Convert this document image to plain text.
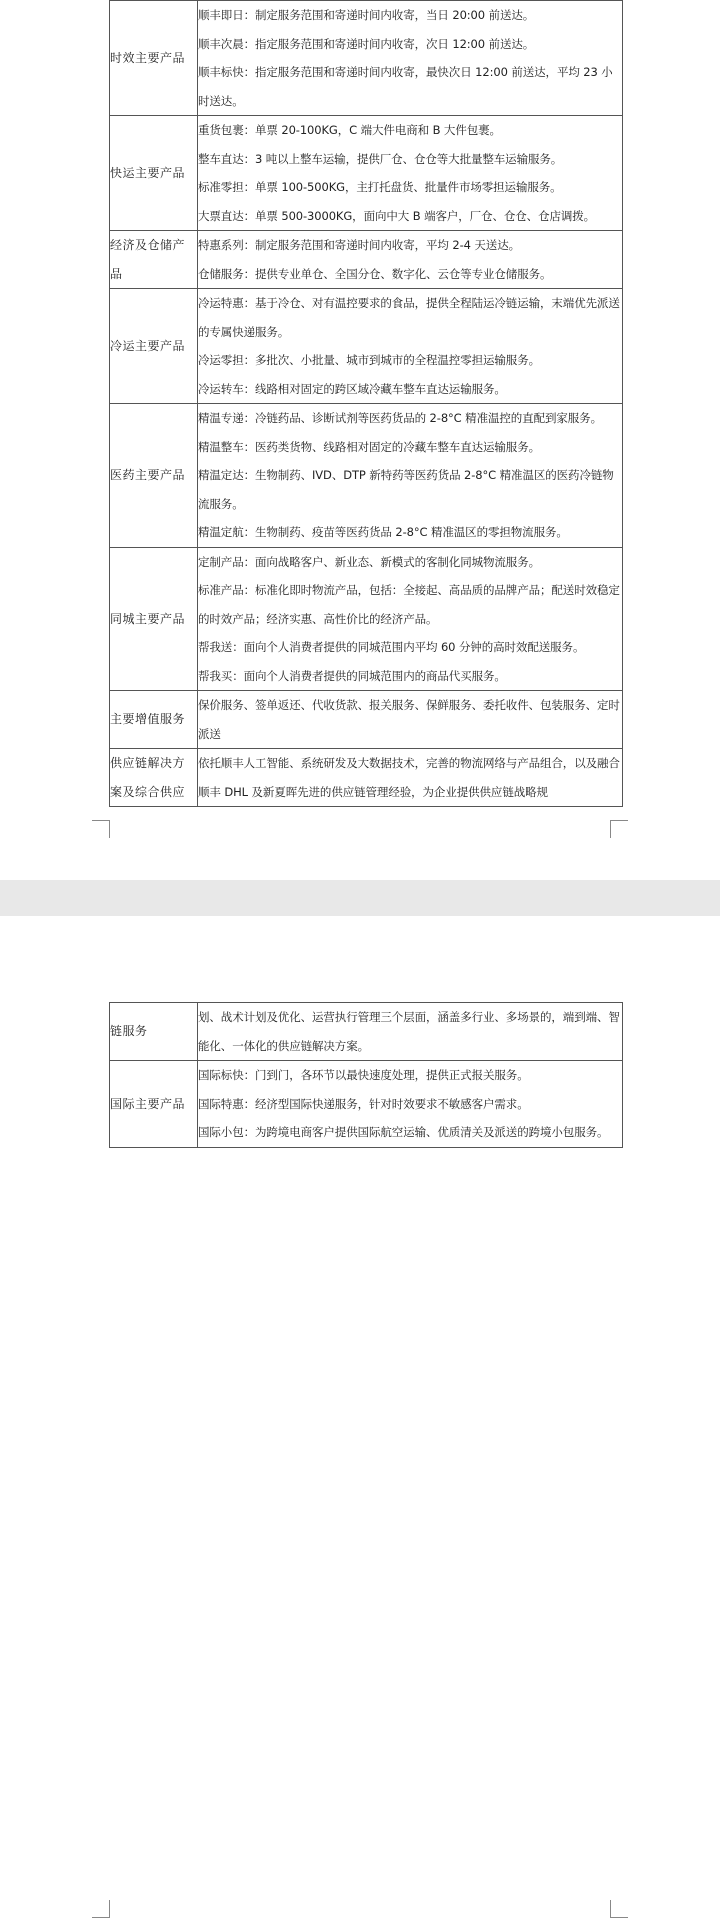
时效主要产品	顺丰即日：制定服务范围和寄递时间内收寄，当日 20:00 前送达。

顺丰次晨：指定服务范围和寄递时间内收寄，次日 12:00 前送达。

顺丰标快：指定服务范围和寄递时间内收寄，最快次日 12:00 前送达，平均 23 小时送达。

快运主要产品	重货包裹：单票 20-100KG，C 端大件电商和 B 大件包裹。

整车直达：3 吨以上整车运输，提供厂仓、仓仓等大批量整车运输服务。

标准零担：单票 100-500KG，主打托盘货、批量件市场零担运输服务。

大票直达：单票 500-3000KG，面向中大 B 端客户，厂仓、仓仓、仓店调拨。

经济及仓储产品	特惠系列：制定服务范围和寄递时间内收寄，平均 2-4 天送达。

仓储服务：提供专业单仓、全国分仓、数字化、云仓等专业仓储服务。

冷运主要产品	冷运特惠：基于冷仓、对有温控要求的食品，提供全程陆运冷链运输，末端优先派送的专属快递服务。

冷运零担：多批次、小批量、城市到城市的全程温控零担运输服务。

冷运转车：线路相对固定的跨区域冷藏车整车直达运输服务。

医药主要产品	精温专递：冷链药品、诊断试剂等医药货品的 2-8°C 精准温控的直配到家服务。

精温整车：医药类货物、线路相对固定的冷藏车整车直达运输服务。

精温定达：生物制药、IVD、DTP 新特药等医药货品 2-8°C 精准温区的医药冷链物流服务。

精温定航：生物制药、疫苗等医药货品 2-8°C 精准温区的零担物流服务。

同城主要产品	定制产品：面向战略客户、新业态、新模式的客制化同城物流服务。

标准产品：标准化即时物流产品，包括：全接起、高品质的品牌产品；配送时效稳定的时效产品；经济实惠、高性价比的经济产品。

帮我送：面向个人消费者提供的同城范围内平均 60 分钟的高时效配送服务。

帮我买：面向个人消费者提供的同城范围内的商品代买服务。

主要增值服务	保价服务、签单返还、代收货款、报关服务、保鲜服务、委托收件、包装服务、定时派送

供应链解决方案及综合供应	依托顺丰人工智能、系统研发及大数据技术，完善的物流网络与产品组合，以及融合顺丰 DHL 及新夏晖先进的供应链管理经验，为企业提供供应链战略规

链服务	划、战术计划及优化、运营执行管理三个层面，涵盖多行业、多场景的，端到端、智能化、一体化的供应链解决方案。

国际主要产品	国际标快：门到门，各环节以最快速度处理，提供正式报关服务。

国际特惠：经济型国际快递服务，针对时效要求不敏感客户需求。

国际小包：为跨境电商客户提供国际航空运输、优质清关及派送的跨境小包服务。
